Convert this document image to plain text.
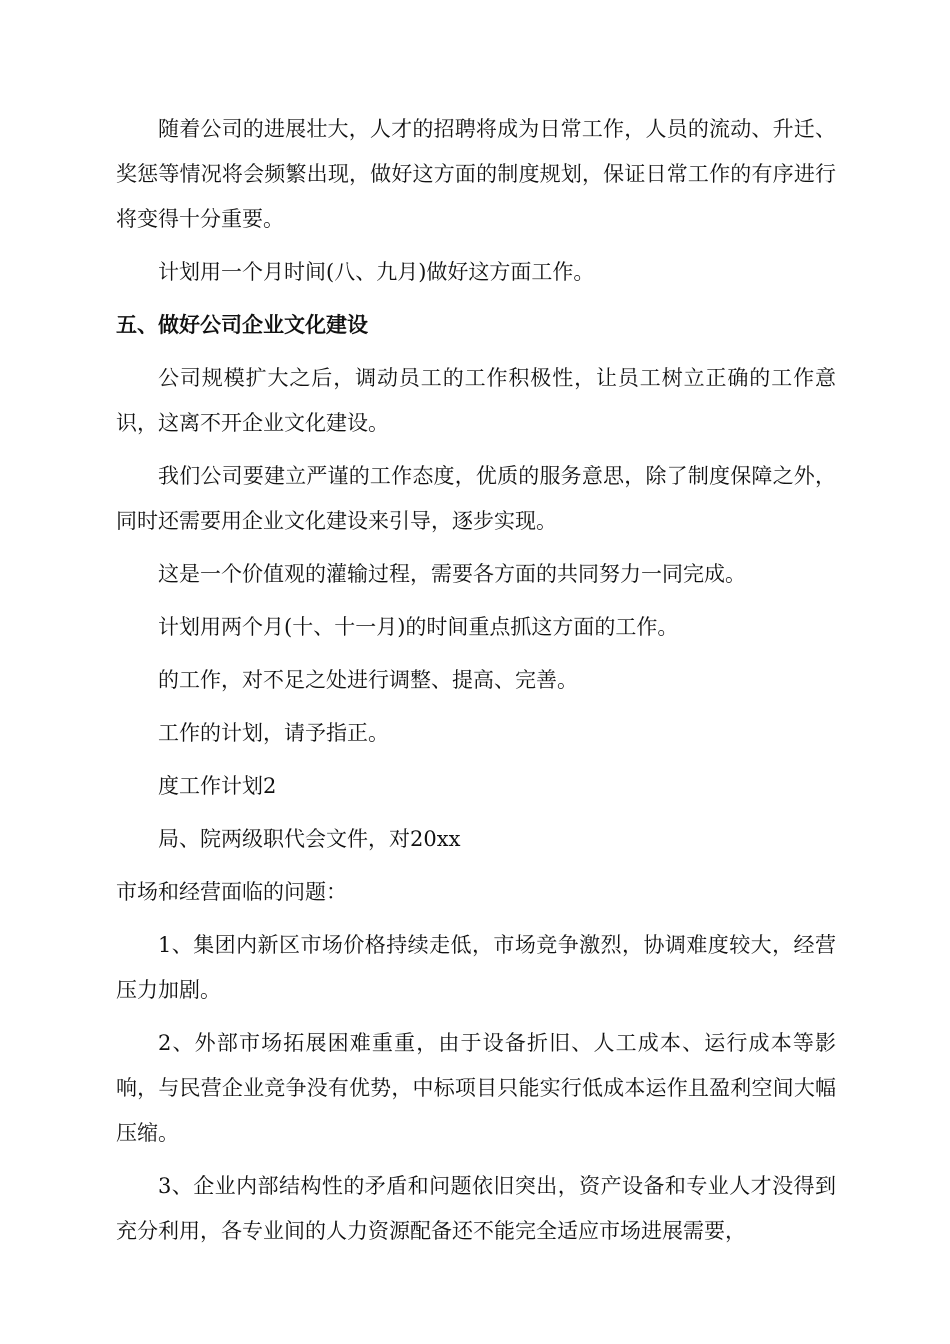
随着公司的进展壮大，人才的招聘将成为日常工作，人员的流动、升迁、奖惩等情况将会频繁出现，做好这方面的制度规划，保证日常工作的有序进行将变得十分重要。

计划用一个月时间(八、九月)做好这方面工作。

五、做好公司企业文化建设

公司规模扩大之后，调动员工的工作积极性，让员工树立正确的工作意识，这离不开企业文化建设。

我们公司要建立严谨的工作态度，优质的服务意思，除了制度保障之外，同时还需要用企业文化建设来引导，逐步实现。

这是一个价值观的灌输过程，需要各方面的共同努力一同完成。

计划用两个月(十、十一月)的时间重点抓这方面的工作。

的工作，对不足之处进行调整、提高、完善。

工作的计划，请予指正。

度工作计划2

局、院两级职代会文件，对20xx

市场和经营面临的问题：

1、集团内新区市场价格持续走低，市场竞争激烈，协调难度较大，经营压力加剧。

2、外部市场拓展困难重重，由于设备折旧、人工成本、运行成本等影响，与民营企业竞争没有优势，中标项目只能实行低成本运作且盈利空间大幅压缩。

3、企业内部结构性的矛盾和问题依旧突出，资产设备和专业人才没得到充分利用，各专业间的人力资源配备还不能完全适应市场进展需要，
